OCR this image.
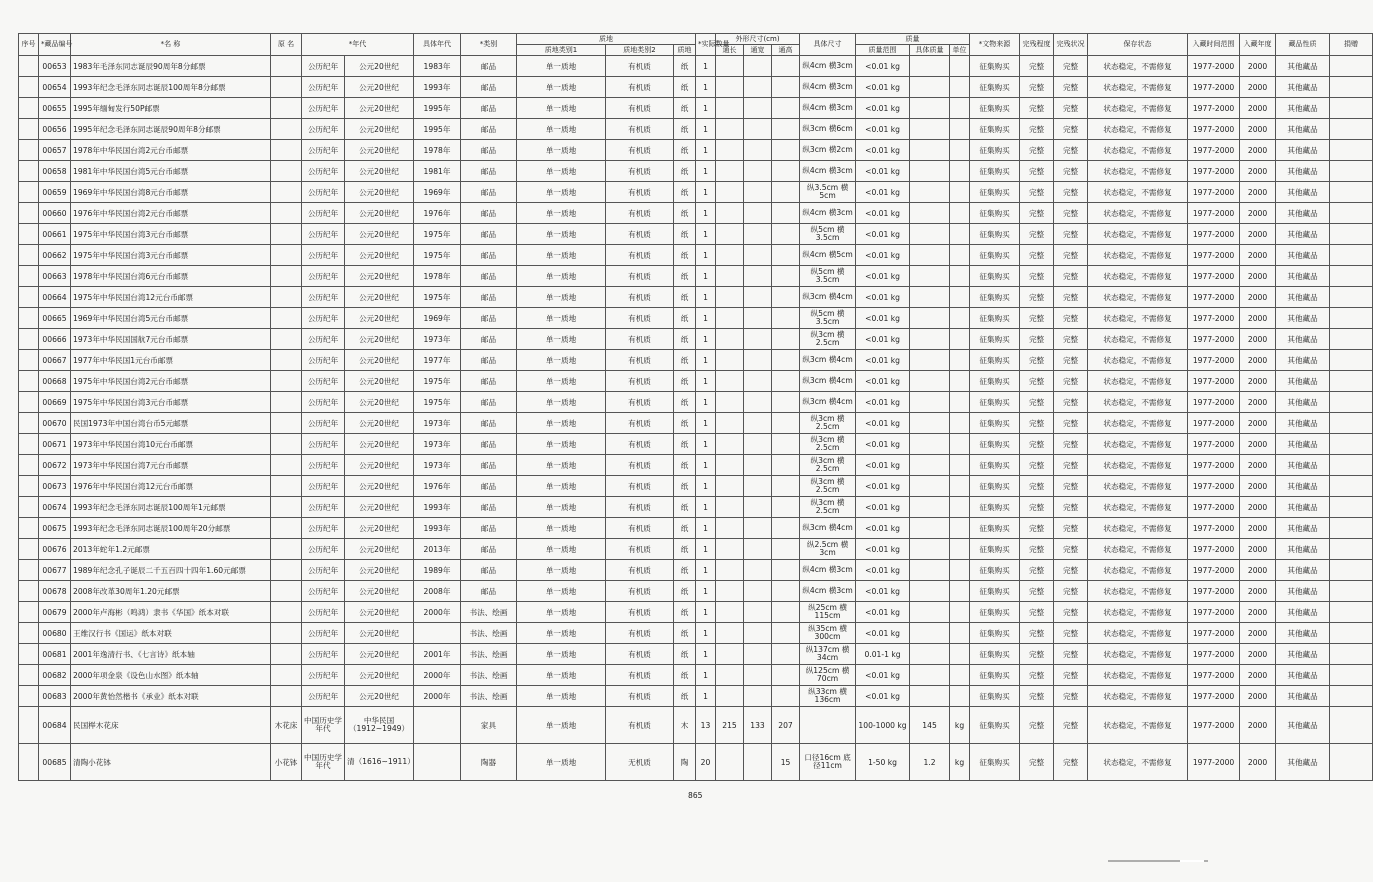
序号	*藏品编号	*名 称	原 名	*年代		具体年代	*类别	质地			*实际数量	外形尺寸(cm)			具体尺寸	质量			*文物来源	完残程度	完残状况	保存状态	入藏时间范围	入藏年度	藏品性质	捐赠
								质地类别1	质地类别2	质地		通长	通宽	通高		质量范围	具体质量	单位								
	00653	1983年毛泽东同志诞辰90周年8分邮票		公历纪年	公元20世纪	1983年	邮品	单一质地	有机质	纸	1				纵4cm 横3cm	<0.01 kg			征集购买	完整	完整	状态稳定，不需修复	1977-2000	2000	其他藏品	
	00654	1993年纪念毛泽东同志诞辰100周年8分邮票		公历纪年	公元20世纪	1993年	邮品	单一质地	有机质	纸	1				纵4cm 横3cm	<0.01 kg			征集购买	完整	完整	状态稳定，不需修复	1977-2000	2000	其他藏品	
	00655	1995年缅甸发行50P邮票		公历纪年	公元20世纪	1995年	邮品	单一质地	有机质	纸	1				纵4cm 横3cm	<0.01 kg			征集购买	完整	完整	状态稳定，不需修复	1977-2000	2000	其他藏品	
	00656	1995年纪念毛泽东同志诞辰90周年8分邮票		公历纪年	公元20世纪	1995年	邮品	单一质地	有机质	纸	1				纵3cm 横6cm	<0.01 kg			征集购买	完整	完整	状态稳定，不需修复	1977-2000	2000	其他藏品	
	00657	1978年中华民国台湾2元台币邮票		公历纪年	公元20世纪	1978年	邮品	单一质地	有机质	纸	1				纵3cm 横2cm	<0.01 kg			征集购买	完整	完整	状态稳定，不需修复	1977-2000	2000	其他藏品	
	00658	1981年中华民国台湾5元台币邮票		公历纪年	公元20世纪	1981年	邮品	单一质地	有机质	纸	1				纵4cm 横3cm	<0.01 kg			征集购买	完整	完整	状态稳定，不需修复	1977-2000	2000	其他藏品	
	00659	1969年中华民国台湾8元台币邮票		公历纪年	公元20世纪	1969年	邮品	单一质地	有机质	纸	1				纵3.5cm 横5cm	<0.01 kg			征集购买	完整	完整	状态稳定，不需修复	1977-2000	2000	其他藏品	
	00660	1976年中华民国台湾2元台币邮票		公历纪年	公元20世纪	1976年	邮品	单一质地	有机质	纸	1				纵4cm 横3cm	<0.01 kg			征集购买	完整	完整	状态稳定，不需修复	1977-2000	2000	其他藏品	
	00661	1975年中华民国台湾3元台币邮票		公历纪年	公元20世纪	1975年	邮品	单一质地	有机质	纸	1				纵5cm 横3.5cm	<0.01 kg			征集购买	完整	完整	状态稳定，不需修复	1977-2000	2000	其他藏品	
	00662	1975年中华民国台湾3元台币邮票		公历纪年	公元20世纪	1975年	邮品	单一质地	有机质	纸	1				纵4cm 横5cm	<0.01 kg			征集购买	完整	完整	状态稳定，不需修复	1977-2000	2000	其他藏品	
	00663	1978年中华民国台湾6元台币邮票		公历纪年	公元20世纪	1978年	邮品	单一质地	有机质	纸	1				纵5cm 横3.5cm	<0.01 kg			征集购买	完整	完整	状态稳定，不需修复	1977-2000	2000	其他藏品	
	00664	1975年中华民国台湾12元台币邮票		公历纪年	公元20世纪	1975年	邮品	单一质地	有机质	纸	1				纵3cm 横4cm	<0.01 kg			征集购买	完整	完整	状态稳定，不需修复	1977-2000	2000	其他藏品	
	00665	1969年中华民国台湾5元台币邮票		公历纪年	公元20世纪	1969年	邮品	单一质地	有机质	纸	1				纵5cm 横3.5cm	<0.01 kg			征集购买	完整	完整	状态稳定，不需修复	1977-2000	2000	其他藏品	
	00666	1973年中华民国国航7元台币邮票		公历纪年	公元20世纪	1973年	邮品	单一质地	有机质	纸	1				纵3cm 横2.5cm	<0.01 kg			征集购买	完整	完整	状态稳定，不需修复	1977-2000	2000	其他藏品	
	00667	1977年中华民国1元台币邮票		公历纪年	公元20世纪	1977年	邮品	单一质地	有机质	纸	1				纵3cm 横4cm	<0.01 kg			征集购买	完整	完整	状态稳定，不需修复	1977-2000	2000	其他藏品	
	00668	1975年中华民国台湾2元台币邮票		公历纪年	公元20世纪	1975年	邮品	单一质地	有机质	纸	1				纵3cm 横4cm	<0.01 kg			征集购买	完整	完整	状态稳定，不需修复	1977-2000	2000	其他藏品	
	00669	1975年中华民国台湾3元台币邮票		公历纪年	公元20世纪	1975年	邮品	单一质地	有机质	纸	1				纵3cm 横4cm	<0.01 kg			征集购买	完整	完整	状态稳定，不需修复	1977-2000	2000	其他藏品	
	00670	民国1973年中国台湾台币5元邮票		公历纪年	公元20世纪	1973年	邮品	单一质地	有机质	纸	1				纵3cm 横2.5cm	<0.01 kg			征集购买	完整	完整	状态稳定，不需修复	1977-2000	2000	其他藏品	
	00671	1973年中华民国台湾10元台币邮票		公历纪年	公元20世纪	1973年	邮品	单一质地	有机质	纸	1				纵3cm 横2.5cm	<0.01 kg			征集购买	完整	完整	状态稳定，不需修复	1977-2000	2000	其他藏品	
	00672	1973年中华民国台湾7元台币邮票		公历纪年	公元20世纪	1973年	邮品	单一质地	有机质	纸	1				纵3cm 横2.5cm	<0.01 kg			征集购买	完整	完整	状态稳定，不需修复	1977-2000	2000	其他藏品	
	00673	1976年中华民国台湾12元台币邮票		公历纪年	公元20世纪	1976年	邮品	单一质地	有机质	纸	1				纵3cm 横2.5cm	<0.01 kg			征集购买	完整	完整	状态稳定，不需修复	1977-2000	2000	其他藏品	
	00674	1993年纪念毛泽东同志诞辰100周年1元邮票		公历纪年	公元20世纪	1993年	邮品	单一质地	有机质	纸	1				纵3cm 横2.5cm	<0.01 kg			征集购买	完整	完整	状态稳定，不需修复	1977-2000	2000	其他藏品	
	00675	1993年纪念毛泽东同志诞辰100周年20分邮票		公历纪年	公元20世纪	1993年	邮品	单一质地	有机质	纸	1				纵3cm 横4cm	<0.01 kg			征集购买	完整	完整	状态稳定，不需修复	1977-2000	2000	其他藏品	
	00676	2013年蛇年1.2元邮票		公历纪年	公元20世纪	2013年	邮品	单一质地	有机质	纸	1				纵2.5cm 横3cm	<0.01 kg			征集购买	完整	完整	状态稳定，不需修复	1977-2000	2000	其他藏品	
	00677	1989年纪念孔子诞辰二千五百四十四年1.60元邮票		公历纪年	公元20世纪	1989年	邮品	单一质地	有机质	纸	1				纵4cm 横3cm	<0.01 kg			征集购买	完整	完整	状态稳定，不需修复	1977-2000	2000	其他藏品	
	00678	2008年改革30周年1.20元邮票		公历纪年	公元20世纪	2008年	邮品	单一质地	有机质	纸	1				纵4cm 横3cm	<0.01 kg			征集购买	完整	完整	状态稳定，不需修复	1977-2000	2000	其他藏品	
	00679	2000年卢海彬（鸣鸿）隶书《华国》纸本对联		公历纪年	公元20世纪	2000年	书法、绘画	单一质地	有机质	纸	1				纵25cm 横115cm	<0.01 kg			征集购买	完整	完整	状态稳定，不需修复	1977-2000	2000	其他藏品	
	00680	王维汉行书《国运》纸本对联		公历纪年	公元20世纪		书法、绘画	单一质地	有机质	纸	1				纵35cm 横300cm	<0.01 kg			征集购买	完整	完整	状态稳定，不需修复	1977-2000	2000	其他藏品	
	00681	2001年逸清行书、《七言诗》纸本轴		公历纪年	公元20世纪	2001年	书法、绘画	单一质地	有机质	纸	1				纵137cm 横34cm	0.01-1 kg			征集购买	完整	完整	状态稳定，不需修复	1977-2000	2000	其他藏品	
	00682	2000年项金泉《设色山水图》纸本轴		公历纪年	公元20世纪	2000年	书法、绘画	单一质地	有机质	纸	1				纵125cm 横70cm	<0.01 kg			征集购买	完整	完整	状态稳定，不需修复	1977-2000	2000	其他藏品	
	00683	2000年黄怡然楷书《承业》纸本对联		公历纪年	公元20世纪	2000年	书法、绘画	单一质地	有机质	纸	1				纵33cm 横136cm	<0.01 kg			征集购买	完整	完整	状态稳定，不需修复	1977-2000	2000	其他藏品	
	00684	民国榉木花床	木花床	中国历史学年代	中华民国（1912~1949）		家具	单一质地	有机质	木	13	215	133	207		100-1000 kg	145	kg	征集购买	完整	完整	状态稳定，不需修复	1977-2000	2000	其他藏品	
	00685	清陶小花钵	小花钵	中国历史学年代	清（1616~1911）		陶器	单一质地	无机质	陶	20			15	口径16cm 底径11cm	1-50 kg	1.2	kg	征集购买	完整	完整	状态稳定，不需修复	1977-2000	2000	其他藏品	
865
